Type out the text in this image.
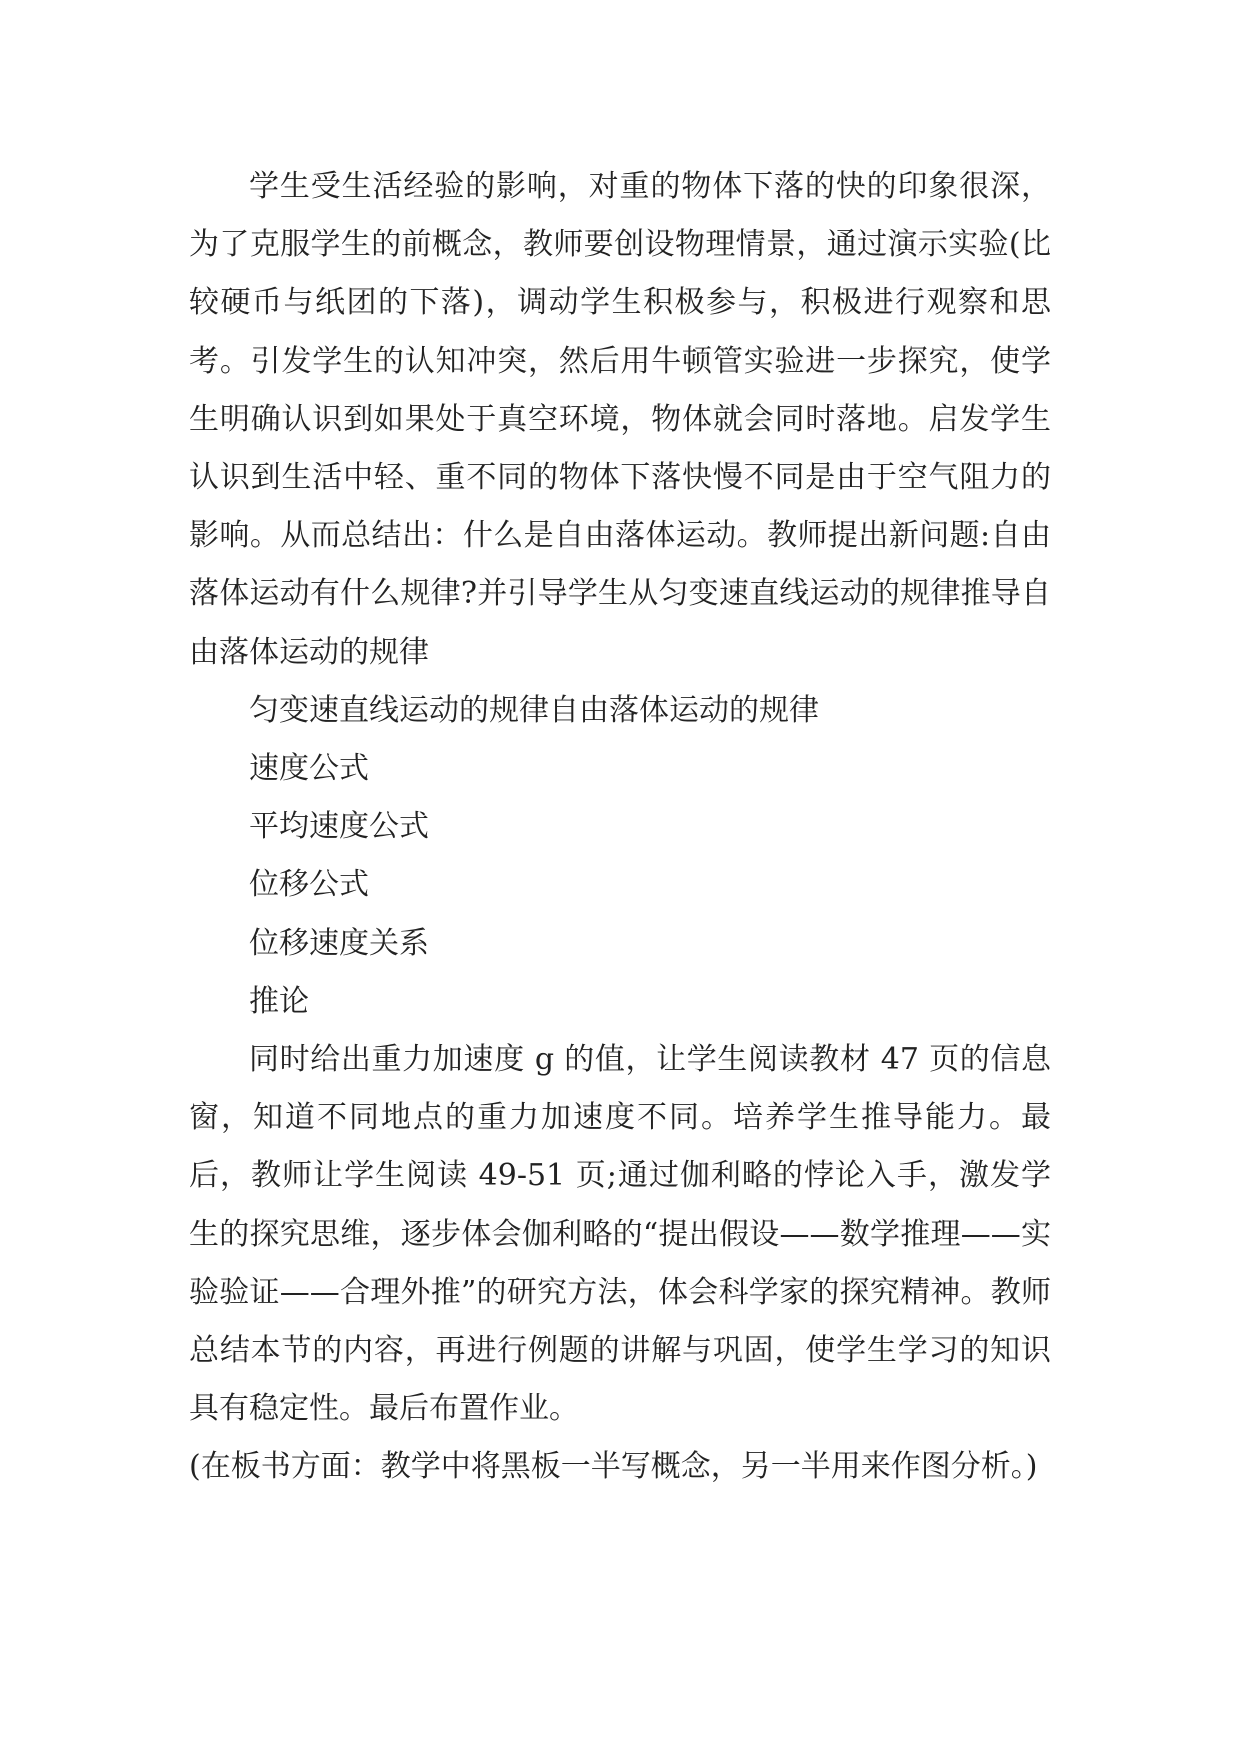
学生受生活经验的影响，对重的物体下落的快的印象很深，为了克服学生的前概念，教师要创设物理情景，通过演示实验(比较硬币与纸团的下落)，调动学生积极参与，积极进行观察和思考。引发学生的认知冲突，然后用牛顿管实验进一步探究，使学生明确认识到如果处于真空环境，物体就会同时落地。启发学生认识到生活中轻、重不同的物体下落快慢不同是由于空气阻力的影响。从而总结出：什么是自由落体运动。教师提出新问题:自由落体运动有什么规律?并引导学生从匀变速直线运动的规律推导自由落体运动的规律

匀变速直线运动的规律自由落体运动的规律

速度公式

平均速度公式

位移公式

位移速度关系

推论

同时给出重力加速度 g 的值，让学生阅读教材 47 页的信息窗，知道不同地点的重力加速度不同。培养学生推导能力。最后，教师让学生阅读 49-51 页;通过伽利略的悖论入手，激发学生的探究思维，逐步体会伽利略的“提出假设——数学推理——实验验证——合理外推”的研究方法，体会科学家的探究精神。教师总结本节的内容，再进行例题的讲解与巩固，使学生学习的知识具有稳定性。最后布置作业。

(在板书方面：教学中将黑板一半写概念，另一半用来作图分析。)
